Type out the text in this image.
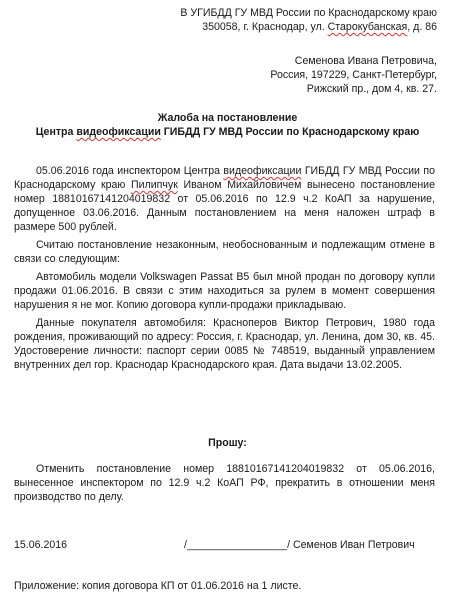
В УГИБДД ГУ МВД России по Краснодарскому краю
350058, г. Краснодар, ул. Старокубанская, д. 86
Семенова Ивана Петровича,
Россия, 197229, Санкт-Петербург,
Рижский пр., дом 4, кв. 27.
Жалоба на постановление
Центра видеофиксации ГИБДД ГУ МВД России по Краснодарскому краю

05.06.2016 года инспектором Центра видеофиксации ГИБДД ГУ МВД России по Краснодарскому краю Пилипчук Иваном Михайловичем вынесено постановление номер 18810167141204019832 от 05.06.2016 по 12.9 ч.2 КоАП за нарушение, допущенное 03.06.2016. Данным постановлением на меня наложен штраф в размере 500 рублей.

Считаю постановление незаконным, необоснованным и подлежащим отмене в связи со следующим:

Автомобиль модели Volkswagen Passat B5 был мной продан по договору купли продажи 01.06.2016. В связи с этим находиться за рулем в момент совершения нарушения я не мог. Копию договора купли-продажи прикладываю.

Данные покупателя автомобиля: Красноперов Виктор Петрович, 1980 года рождения, проживающий по адресу: Россия, г. Краснодар, ул. Ленина, дом 30, кв. 45. Удостоверение личности: паспорт серии 0085 № 748519, выданный управлением внутренних дел гор. Краснодар Краснодарского края. Дата выдачи 13.02.2005.

Прошу:

Отменить постановление номер 18810167141204019832 от 05.06.2016, вынесенное инспектором по 12.9 ч.2 КоАП РФ, прекратить в отношении меня производство по делу.

15.06.2016	/_________________/ Семенов Иван Петрович
Приложение: копия договора КП от 01.06.2016 на 1 листе.
